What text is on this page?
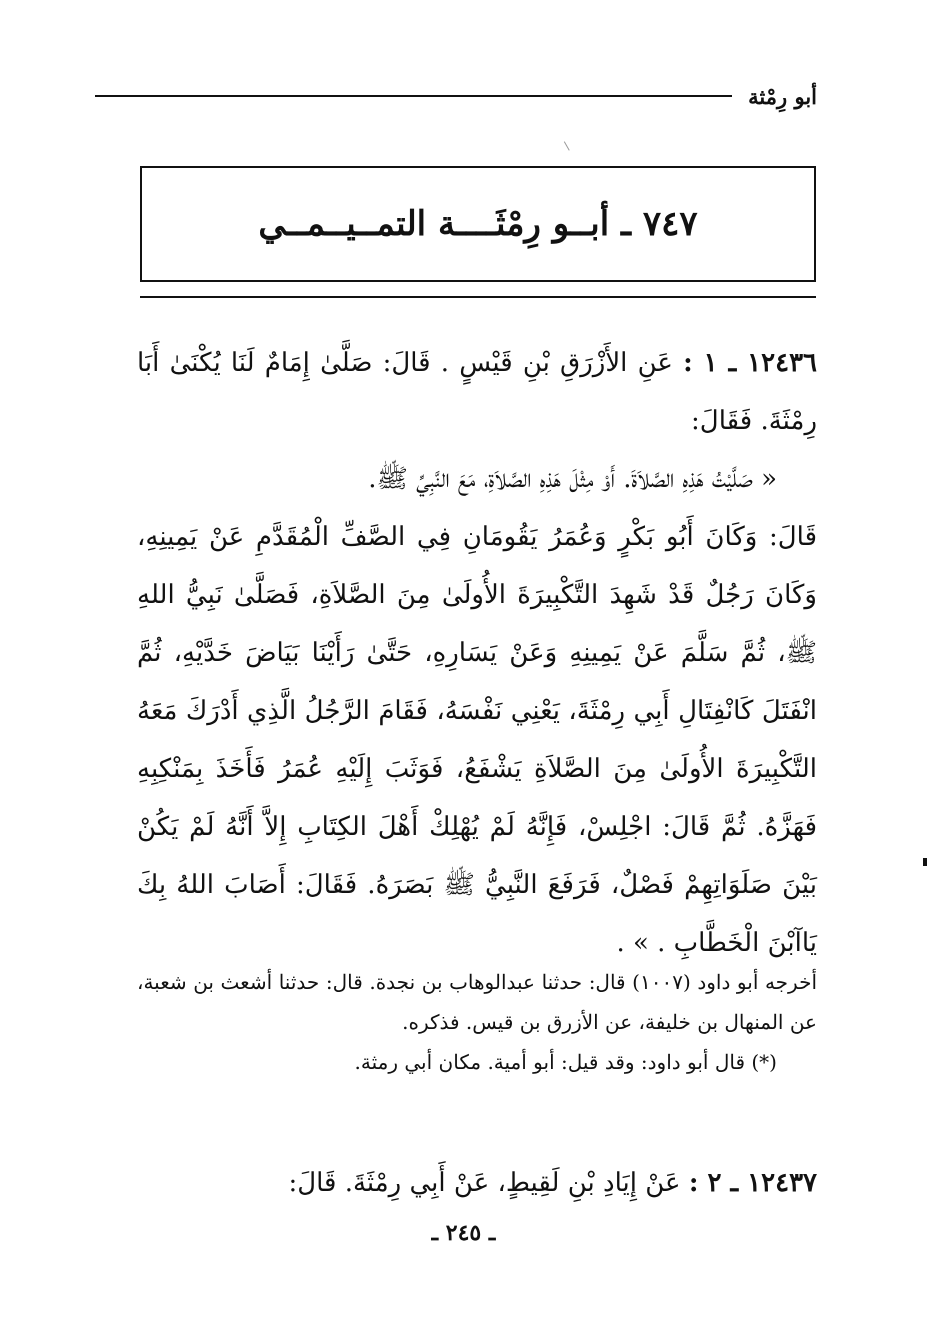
أبو رِمْثة
٧٤٧ ـ أبــو رِمْثَــــة التمــيــمــي

١٢٤٣٦ ـ ١ : عَنِ الأَزْرَقِ بْنِ قَيْسٍ . قَالَ: صَلَّىٰ إِمَامٌ لَنَا يُكْنَىٰ أَبَا رِمْثَةَ. فَقَالَ:

« صَلَّيْتُ هَذِهِ الصَّلاَةَ. أَوْ مِثْلَ هَذِهِ الصَّلاَةِ، مَعَ النَّبِيِّ ﷺ.

قَالَ: وَكَانَ أَبُو بَكْرٍ وَعُمَرُ يَقُومَانِ فِي الصَّفِّ الْمُقَدَّمِ عَنْ يَمِينِهِ، وَكَانَ رَجُلٌ قَدْ شَهِدَ التَّكْبِيرَةَ الأُولَىٰ مِنَ الصَّلاَةِ، فَصَلَّىٰ نَبِيُّ اللهِ ﷺ، ثُمَّ سَلَّمَ عَنْ يَمِينِهِ وَعَنْ يَسَارِهِ، حَتَّىٰ رَأَيْنَا بَيَاضَ خَدَّيْهِ، ثُمَّ انْفَتَلَ كَانْفِتَالِ أَبِي رِمْثَةَ، يَعْنِي نَفْسَهُ، فَقَامَ الرَّجُلُ الَّذِي أَدْرَكَ مَعَهُ التَّكْبِيرَةَ الأُولَىٰ مِنَ الصَّلاَةِ يَشْفَعُ، فَوَثَبَ إِلَيْهِ عُمَرُ فَأَخَذَ بِمَنْكِبِهِ فَهَزَّهُ. ثُمَّ قَالَ: اجْلِسْ، فَإِنَّهُ لَمْ يُهْلِكْ أَهْلَ الكِتَابِ إِلاَّ أَنَّهُ لَمْ يَكُنْ بَيْنَ صَلَوَاتِهِمْ فَصْلٌ، فَرَفَعَ النَّبِيُّ ﷺ بَصَرَهُ. فَقَالَ: أَصَابَ اللهُ بِكَ يَاآبْنَ الْخَطَّابِ . » .

أخرجه أبو داود (١٠٠٧) قال: حدثنا عبدالوهاب بن نجدة. قال: حدثنا أشعث بن شعبة، عن المنهال بن خليفة، عن الأزرق بن قيس. فذكره.

(*) قال أبو داود: وقد قيل: أبو أمية. مكان أبي رمثة.

١٢٤٣٧ ـ ٢ : عَنْ إِيَادِ بْنِ لَقِيطٍ، عَنْ أَبِي رِمْثَةَ. قَالَ:
ـ ٢٤٥ ـ
